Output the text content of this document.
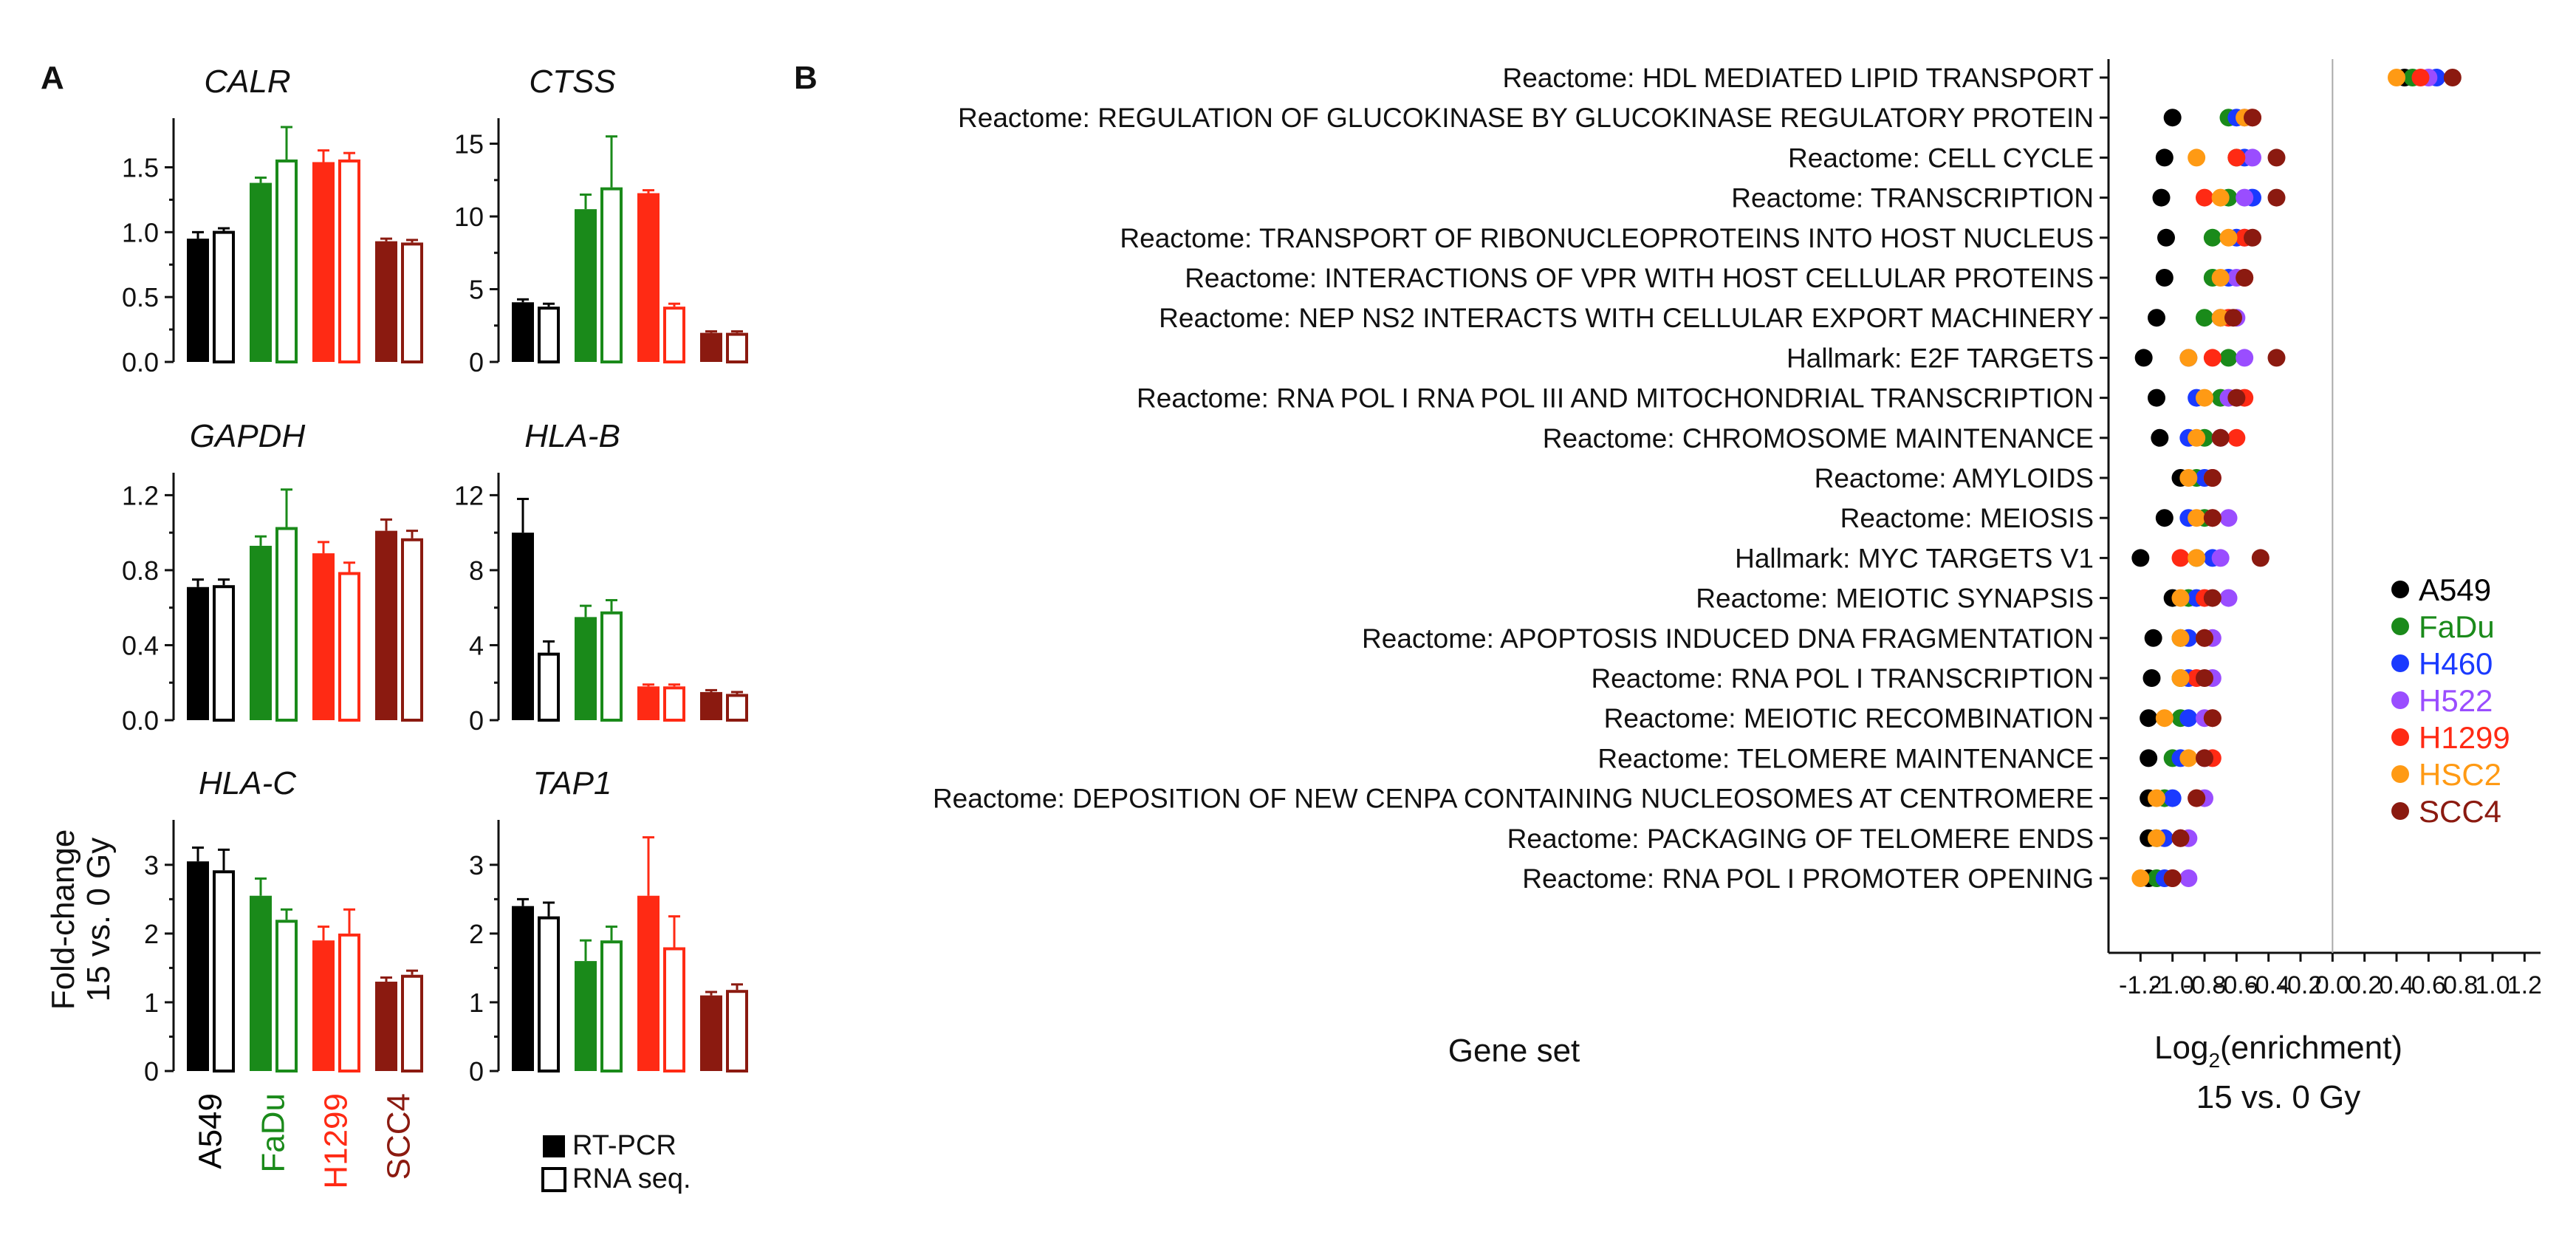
A	CALR
0.0
0.5
1.0
1.5
CTSS
0
5
10
15
GAPDH
0.0
0.4
0.8
1.2
HLA-B
0
4
8
12
HLA-C
0
1
2
3
TAP1
0
1
2
3
A549 FaDu H1299 SCC4
Fold-change 15 vs. 0 Gy
RT-PCR
RNA seq.
B
-1.2
-1.0
-0.8
-0.6
-0.4
-0.2
0.0
0.2
0.4
0.6
0.8
1.0
1.2
Reactome: HDL MEDIATED LIPID TRANSPORT
Reactome: REGULATION OF GLUCOKINASE BY GLUCOKINASE REGULATORY PROTEIN
Reactome: CELL CYCLE
Reactome: TRANSCRIPTION
Reactome: TRANSPORT OF RIBONUCLEOPROTEINS INTO HOST NUCLEUS
Reactome: INTERACTIONS OF VPR WITH HOST CELLULAR PROTEINS
Reactome: NEP NS2 INTERACTS WITH CELLULAR EXPORT MACHINERY
Hallmark: E2F TARGETS
Reactome: RNA POL I RNA POL III AND MITOCHONDRIAL TRANSCRIPTION
Reactome: CHROMOSOME MAINTENANCE
Reactome: AMYLOIDS
Reactome: MEIOSIS
Hallmark: MYC TARGETS V1
Reactome: MEIOTIC SYNAPSIS
Reactome: APOPTOSIS INDUCED DNA FRAGMENTATION
Reactome: RNA POL I TRANSCRIPTION
Reactome: MEIOTIC RECOMBINATION
Reactome: TELOMERE MAINTENANCE
Reactome: DEPOSITION OF NEW CENPA CONTAINING NUCLEOSOMES AT CENTROMERE
Reactome: PACKAGING OF TELOMERE ENDS
Reactome: RNA POL I PROMOTER OPENING
A549
FaDu
H460
H522
H1299
HSC2
SCC4
Gene set	Log$_2$(enrichment)
15 vs. 0 Gy
